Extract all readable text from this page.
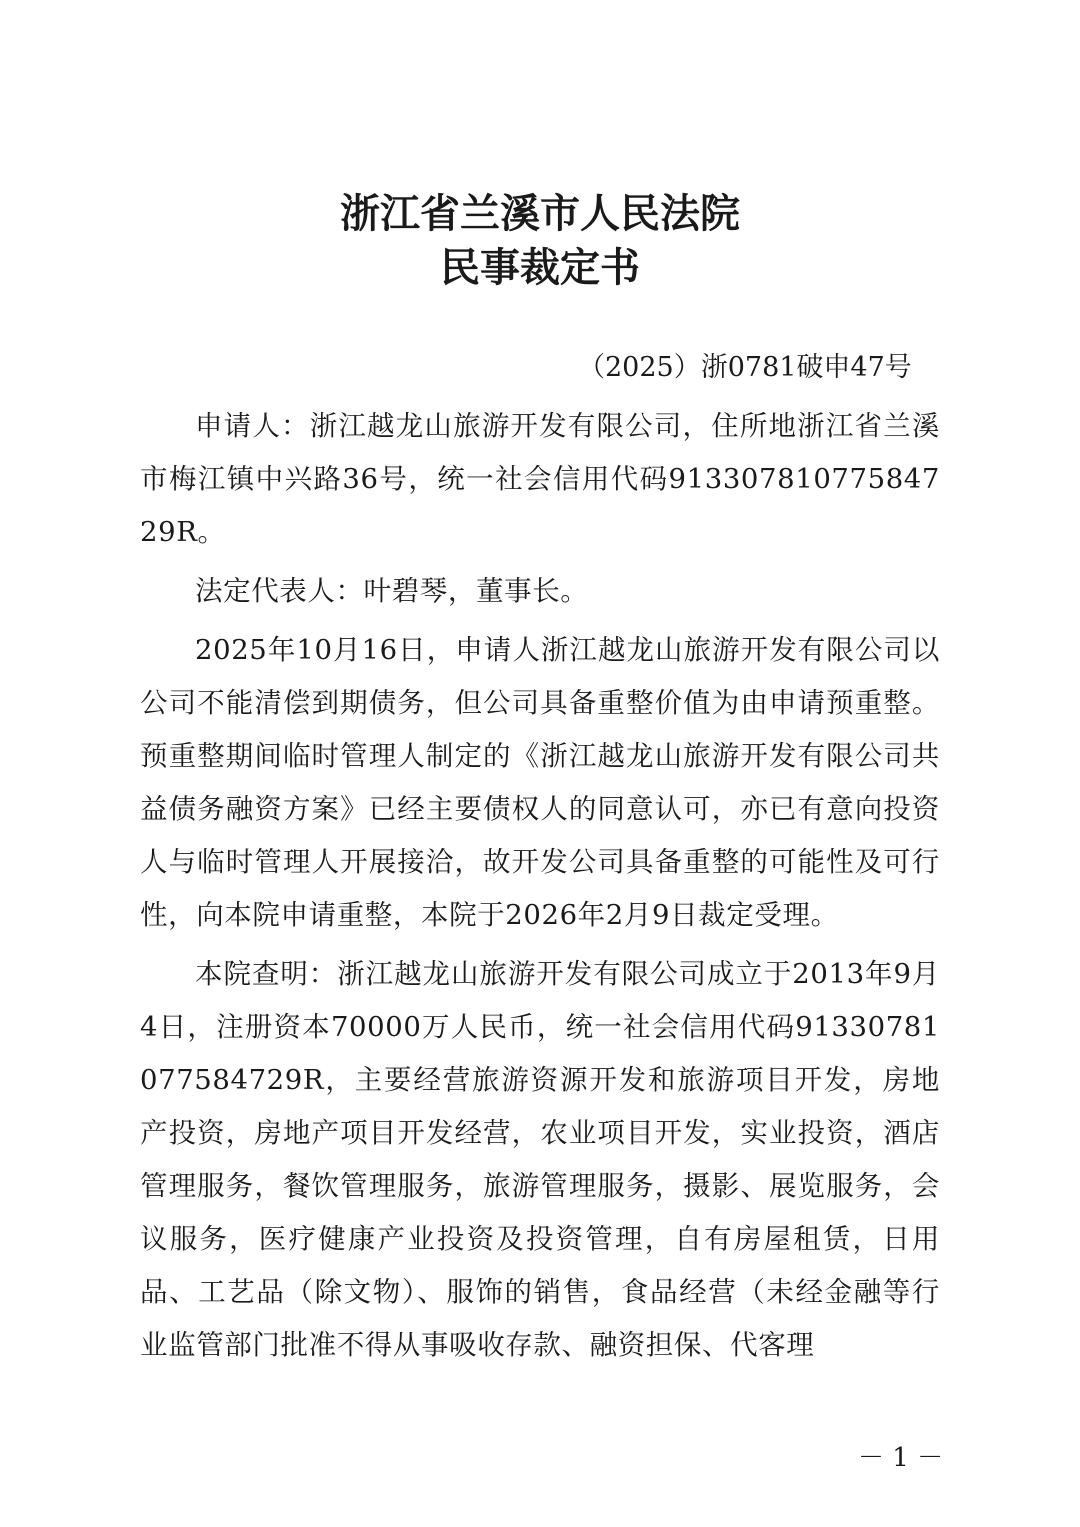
浙江省兰溪市人民法院
民事裁定书
（2025）浙0781破申47号

申请人：浙江越龙山旅游开发有限公司，住所地浙江省兰溪市梅江镇中兴路36号，统一社会信用代码913307810775847​29R。

法定代表人：叶碧琴，董事长。

2025年10月16日，申请人浙江越龙山旅游开发有限公司以公司不能清偿到期债务，但公司具备重整价值为由申请预重整。预重整期间临时管理人制定的《浙江越龙山旅游开发有限公司共益债务融资方案》已经主要债权人的同意认可，亦已有意向投资人与临时管理人开展接洽，故开发公司具备重整的可能性及可行性，向本院申请重整，本院于2026年2月9日裁定受理。

本院查明：浙江越龙山旅游开发有限公司成立于2013年9月4日，注册资本70000万人民币，统一社会信用代码91330781077584729R，主要经营旅游资源开发和旅游项目开发，房地产投资，房地产项目开发经营，农业项目开发，实业投资，酒店管理服务，餐饮管理服务，旅游管理服务，摄影、展览服务，会议服务，医疗健康产业投资及投资管理，自有房屋租赁，日用品、工艺品（除文物）、服饰的销售，食品经营（未经金融等行业监管部门批准不得从事吸收存款、融资担保、代客理

－ 1 －
